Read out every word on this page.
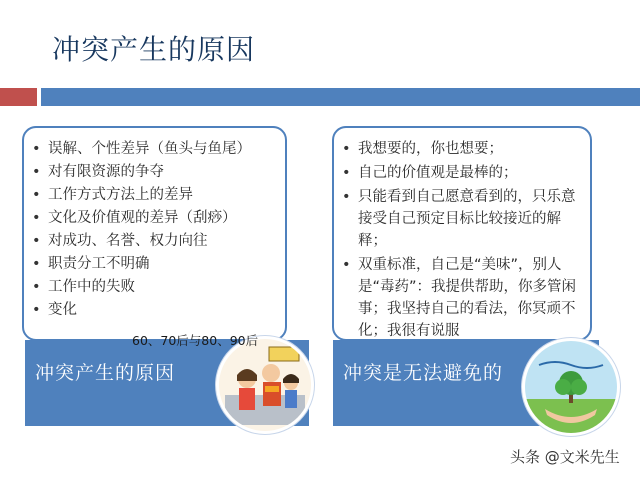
冲突产生的原因
• 误解、个性差异（鱼头与鱼尾）
• 对有限资源的争夺
• 工作方式方法上的差异
• 文化及价值观的差异（刮痧）
• 对成功、名誉、权力向往
• 职责分工不明确
• 工作中的失败
• 变化
• 我想要的，你也想要；
• 自己的价值观是最棒的；
• 只能看到自己愿意看到的，只乐意接受自己预定目标比较接近的解释；
• 双重标准，自己是“美味”，别人是“毒药”：我提供帮助，你多管闲事；我坚持自己的看法，你冥顽不化；我很有说服
冲突产生的原因	冲突是无法避免的
60、70后与80、90后
头条 @文米先生
